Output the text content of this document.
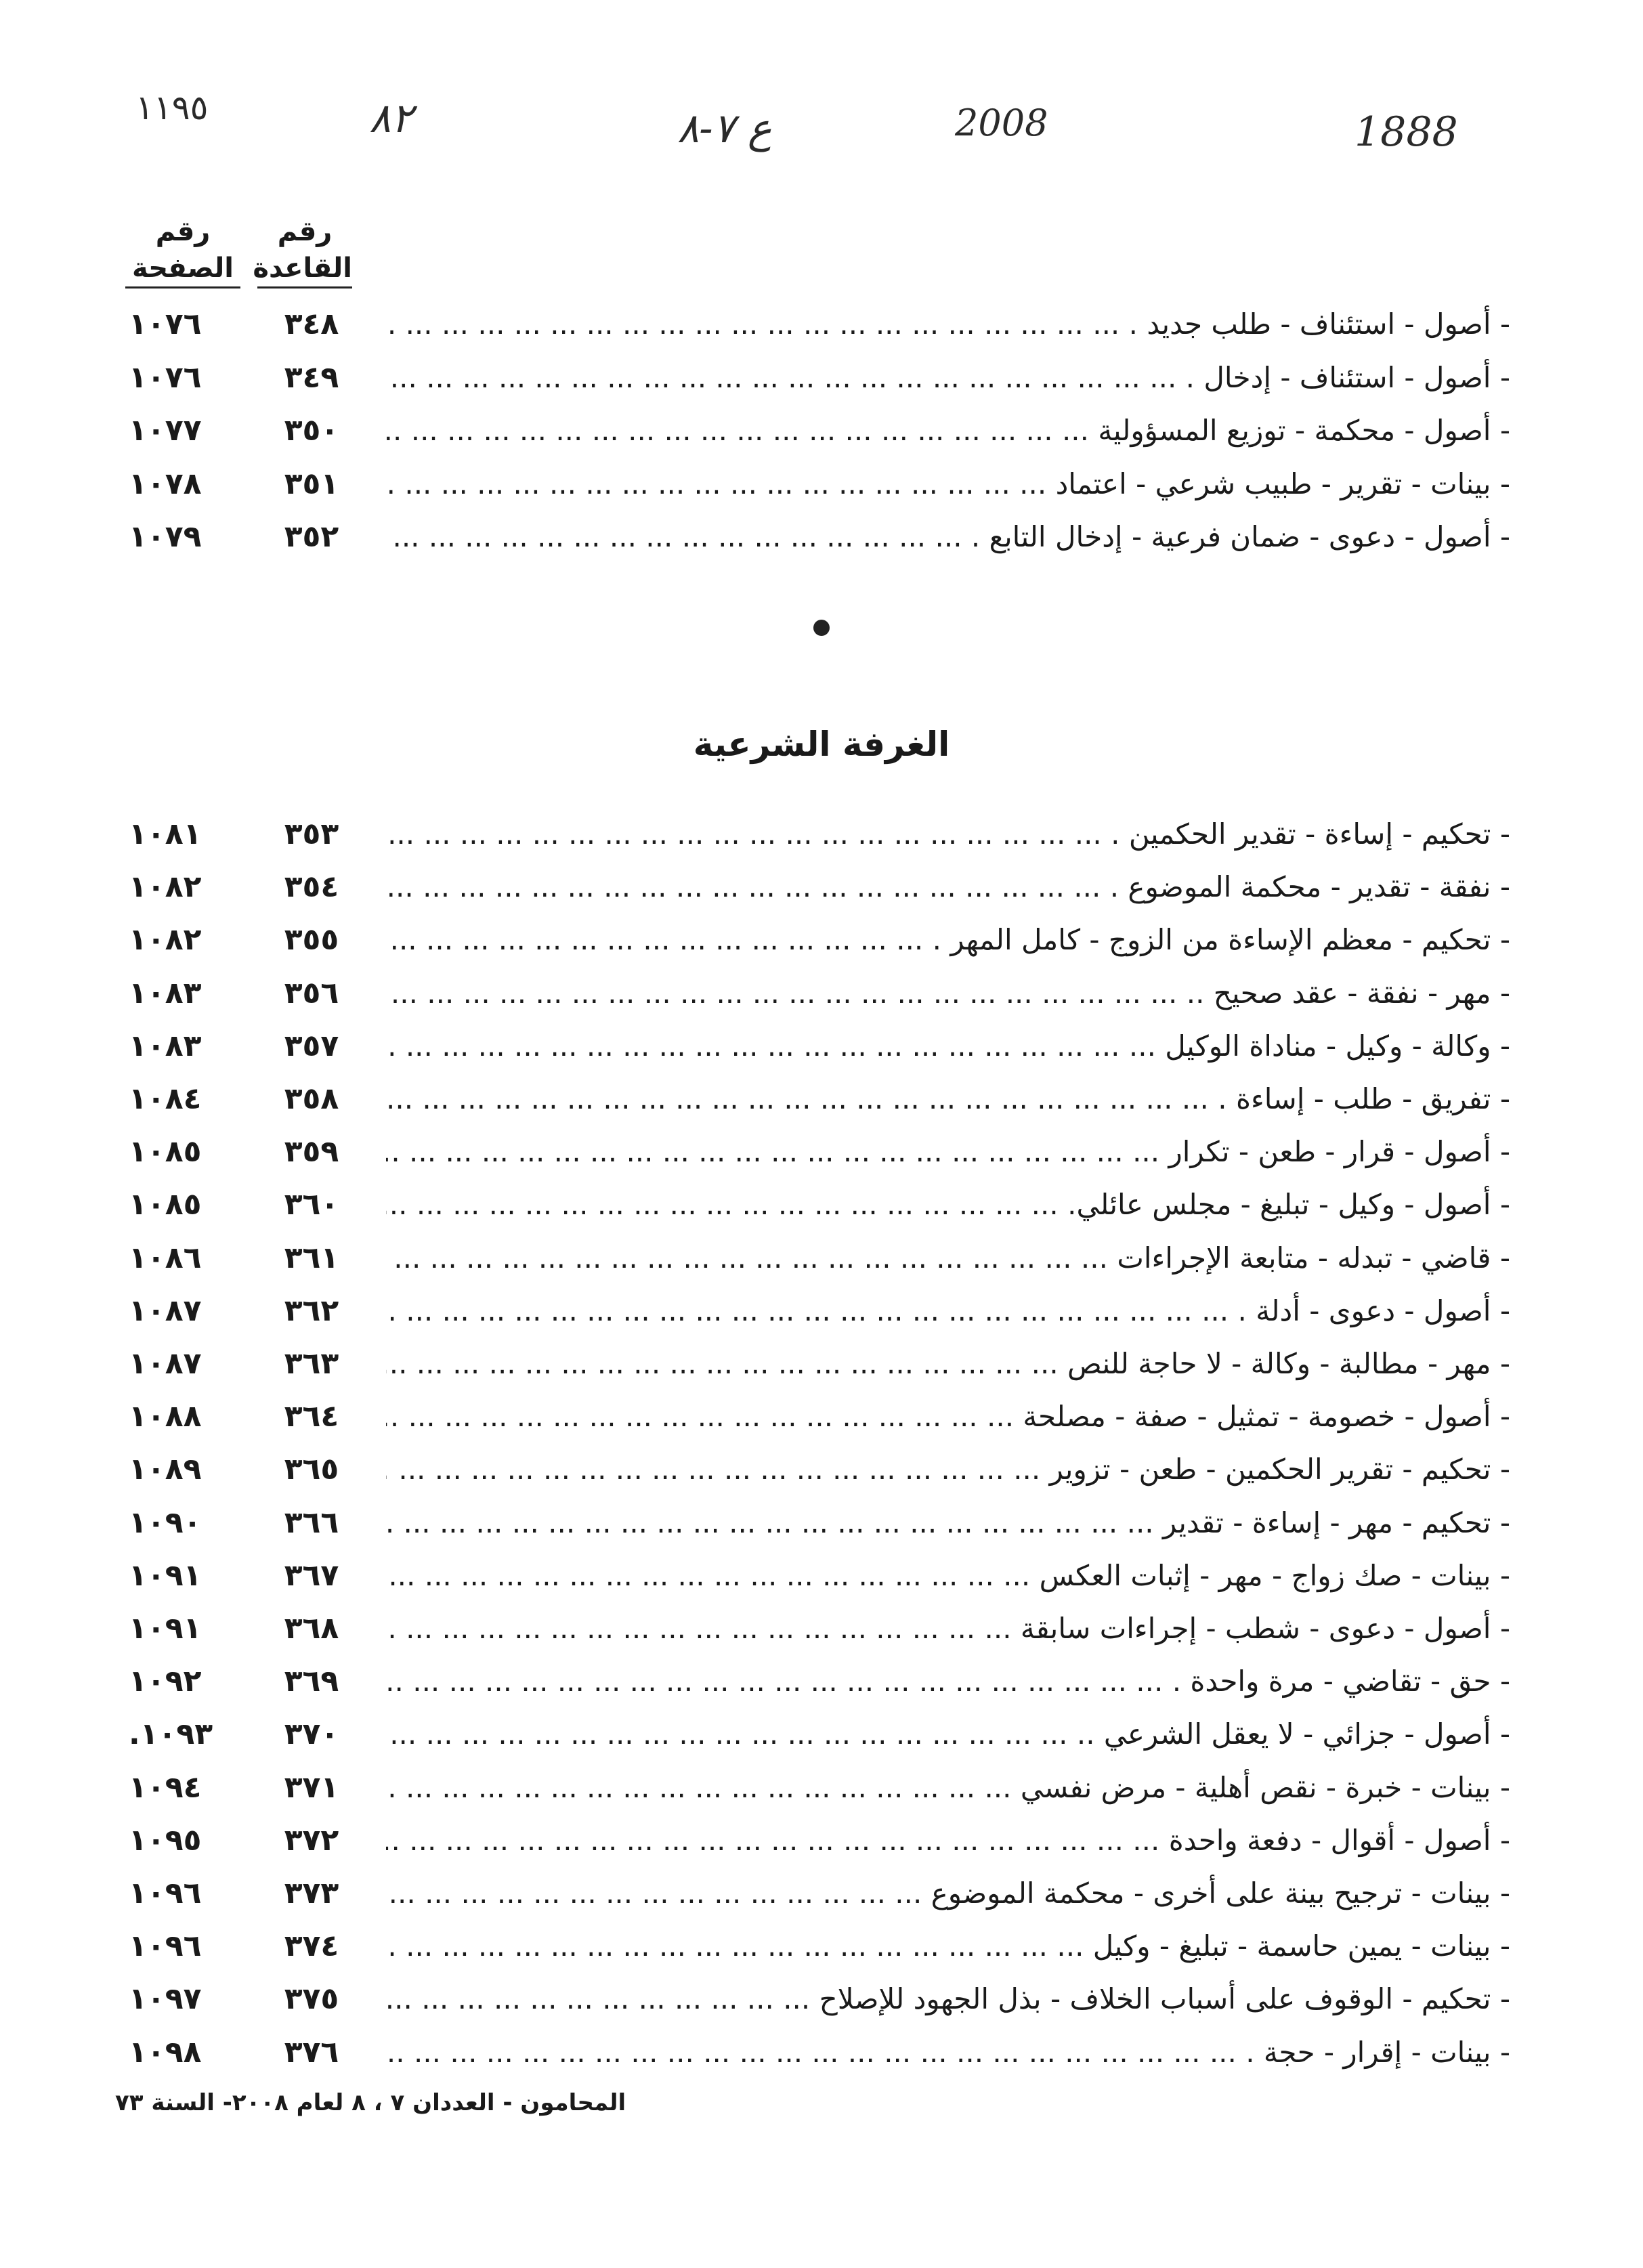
1888
2008
ع ٧-٨
٨٢
١١٩٥
رقم
القاعدة
رقم
الصفحة
- أصول - استئناف - طلب جديد . ... .
٣٤٨
١٠٧٦
- أصول - استئناف - إدخال . ... .
٣٤٩
١٠٧٦
- أصول - محكمة - توزيع المسؤولية ... .
٣٥٠
١٠٧٧
- بينات - تقرير - طبيب شرعي - اعتماد ... .
٣٥١
١٠٧٨
- أصول - دعوى - ضمان فرعية - إدخال التابع . ... .
٣٥٢
١٠٧٩
الغرفة الشرعية
- تحكيم - إساءة - تقدير الحكمين . ... .
٣٥٣
١٠٨١
- نفقة - تقدير - محكمة الموضوع . ... .
٣٥٤
١٠٨٢
- تحكيم - معظم الإساءة من الزوج - كامل المهر . ... .
٣٥٥
١٠٨٢
- مهر - نفقة - عقد صحيح .. ... .
٣٥٦
١٠٨٣
- وكالة - وكيل - مناداة الوكيل ... .
٣٥٧
١٠٨٣
- تفريق - طلب - إساءة . ... .
٣٥٨
١٠٨٤
- أصول - قرار - طعن - تكرار ... .
٣٥٩
١٠٨٥
- أصول - وكيل - تبليغ - مجلس عائلي. ... .
٣٦٠
١٠٨٥
- قاضي - تبدله - متابعة الإجراءات ... .
٣٦١
١٠٨٦
- أصول - دعوى - أدلة . ... .
٣٦٢
١٠٨٧
- مهر - مطالبة - وكالة - لا حاجة للنص ... .
٣٦٣
١٠٨٧
- أصول - خصومة - تمثيل - صفة - مصلحة ... .
٣٦٤
١٠٨٨
- تحكيم - تقرير الحكمين - طعن - تزوير ... .
٣٦٥
١٠٨٩
- تحكيم - مهر - إساءة - تقدير ... .
٣٦٦
١٠٩٠
- بينات - صك زواج - مهر - إثبات العكس ... .
٣٦٧
١٠٩١
- أصول - دعوى - شطب - إجراءات سابقة ... .
٣٦٨
١٠٩١
- حق - تقاضي - مرة واحدة . ... .
٣٦٩
١٠٩٢
- أصول - جزائي - لا يعقل الشرعي .. ... .
٣٧٠
١٠٩٣.
- بينات - خبرة - نقص أهلية - مرض نفسي ... .
٣٧١
١٠٩٤
- أصول - أقوال - دفعة واحدة ... .
٣٧٢
١٠٩٥
- بينات - ترجيح بينة على أخرى - محكمة الموضوع ... .
٣٧٣
١٠٩٦
- بينات - يمين حاسمة - تبليغ - وكيل ... .
٣٧٤
١٠٩٦
- تحكيم - الوقوف على أسباب الخلاف - بذل الجهود للإصلاح ... .
٣٧٥
١٠٩٧
- بينات - إقرار - حجة . ... .
٣٧٦
١٠٩٨
المحامون - العددان ٧ ، ٨ لعام ٢٠٠٨- السنة ٧٣
